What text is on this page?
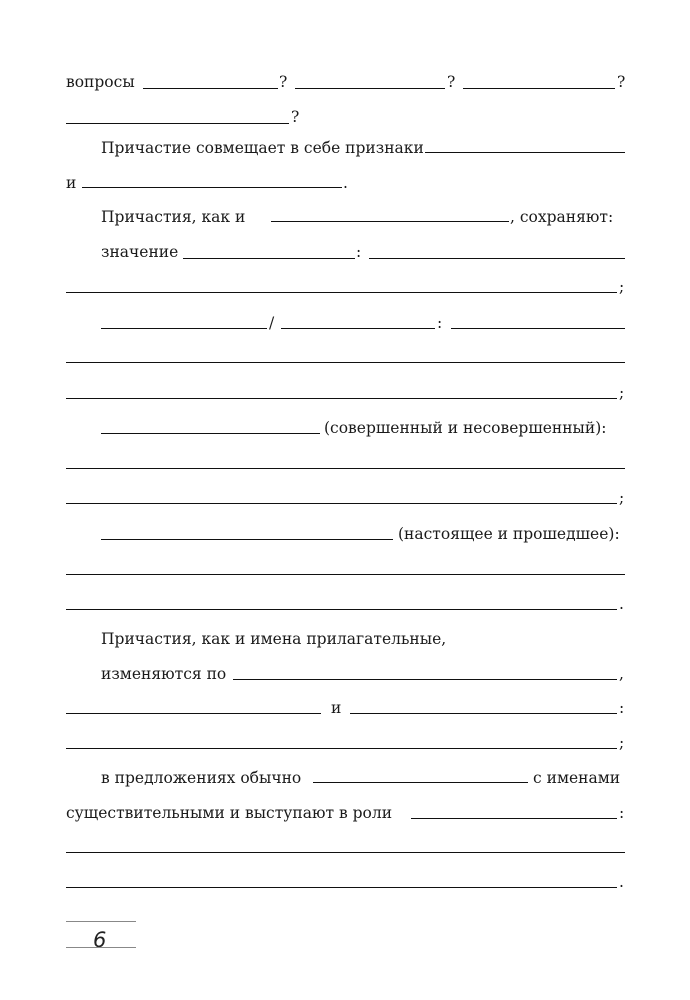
вопросы	?	?	?
?
Причастие совмещает в себе признаки
и	.
Причастия, как и	, сохраняют:
значение	:
;
/	:
;
(совершенный и несовершенный):
;
(настоящее и прошедшее):
.
Причастия, как и имена прилагательные,
изменяются по	,
и	:
;
в предложениях обычно	с именами
существительными и выступают в роли	:
.
6
